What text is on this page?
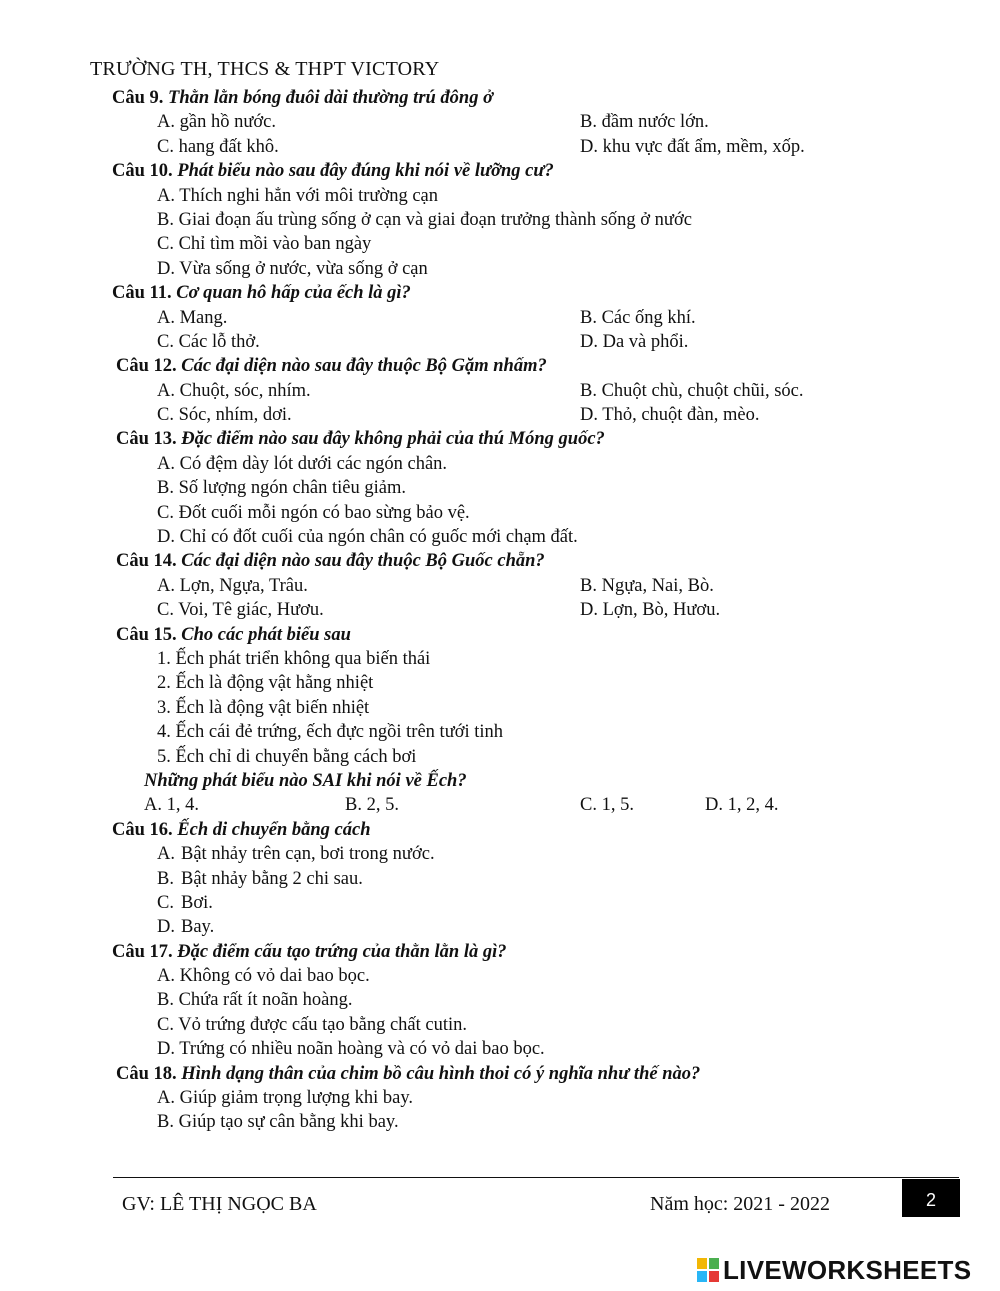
TRƯỜNG TH, THCS & THPT VICTORY
Câu 9. Thằn lằn bóng đuôi dài thường trú đông ở
A. gần hồ nước.	B. đầm nước lớn.
C. hang đất khô.	D. khu vực đất ẩm, mềm, xốp.
Câu 10. Phát biểu nào sau đây đúng khi nói về lưỡng cư?
A. Thích nghi hẳn với môi trường cạn
B. Giai đoạn ấu trùng sống ở cạn và giai đoạn trưởng thành sống ở nước
C. Chỉ tìm mồi vào ban ngày
D. Vừa sống ở nước, vừa sống ở cạn
Câu 11. Cơ quan hô hấp của ếch là gì?
A. Mang.	B. Các ống khí.
C. Các lỗ thở.	D. Da và phổi.
Câu 12. Các đại diện nào sau đây thuộc Bộ Gặm nhấm?
A. Chuột, sóc, nhím.	B. Chuột chù, chuột chũi, sóc.
C. Sóc, nhím, dơi.	D. Thỏ, chuột đàn, mèo.
Câu 13. Đặc điểm nào sau đây không phải của thú Móng guốc?
A. Có đệm dày lót dưới các ngón chân.
B. Số lượng ngón chân tiêu giảm.
C. Đốt cuối mỗi ngón có bao sừng bảo vệ.
D. Chỉ có đốt cuối của ngón chân có guốc mới chạm đất.
Câu 14. Các đại diện nào sau đây thuộc Bộ Guốc chẵn?
A. Lợn, Ngựa, Trâu.	B. Ngựa, Nai, Bò.
C. Voi, Tê giác, Hươu.	D. Lợn, Bò, Hươu.
Câu 15. Cho các phát biểu sau
1. Ếch phát triển không qua biến thái
2. Ếch là động vật hằng nhiệt
3. Ếch là động vật biến nhiệt
4. Ếch cái đẻ trứng, ếch đực ngồi trên tưới tinh
5. Ếch chỉ di chuyển bằng cách bơi
Những phát biểu nào SAI khi nói về Ếch?
A. 1, 4.	B. 2, 5.	C. 1, 5.	D. 1, 2, 4.
Câu 16. Ếch di chuyển bằng cách
A. Bật nhảy trên cạn, bơi trong nước.
B. Bật nhảy bằng 2 chi sau.
C. Bơi.
D. Bay.
Câu 17. Đặc điểm cấu tạo trứng của thằn lằn là gì?
A. Không có vỏ dai bao bọc.
B. Chứa rất ít noãn hoàng.
C. Vỏ trứng được cấu tạo bằng chất cutin.
D. Trứng có nhiều noãn hoàng và có vỏ dai bao bọc.
Câu 18. Hình dạng thân của chim bồ câu hình thoi có ý nghĩa như thế nào?
A. Giúp giảm trọng lượng khi bay.
B. Giúp tạo sự cân bằng khi bay.
GV: LÊ THỊ NGỌC BA	Năm học: 2021 - 2022	2
LIVEWORKSHEETS
